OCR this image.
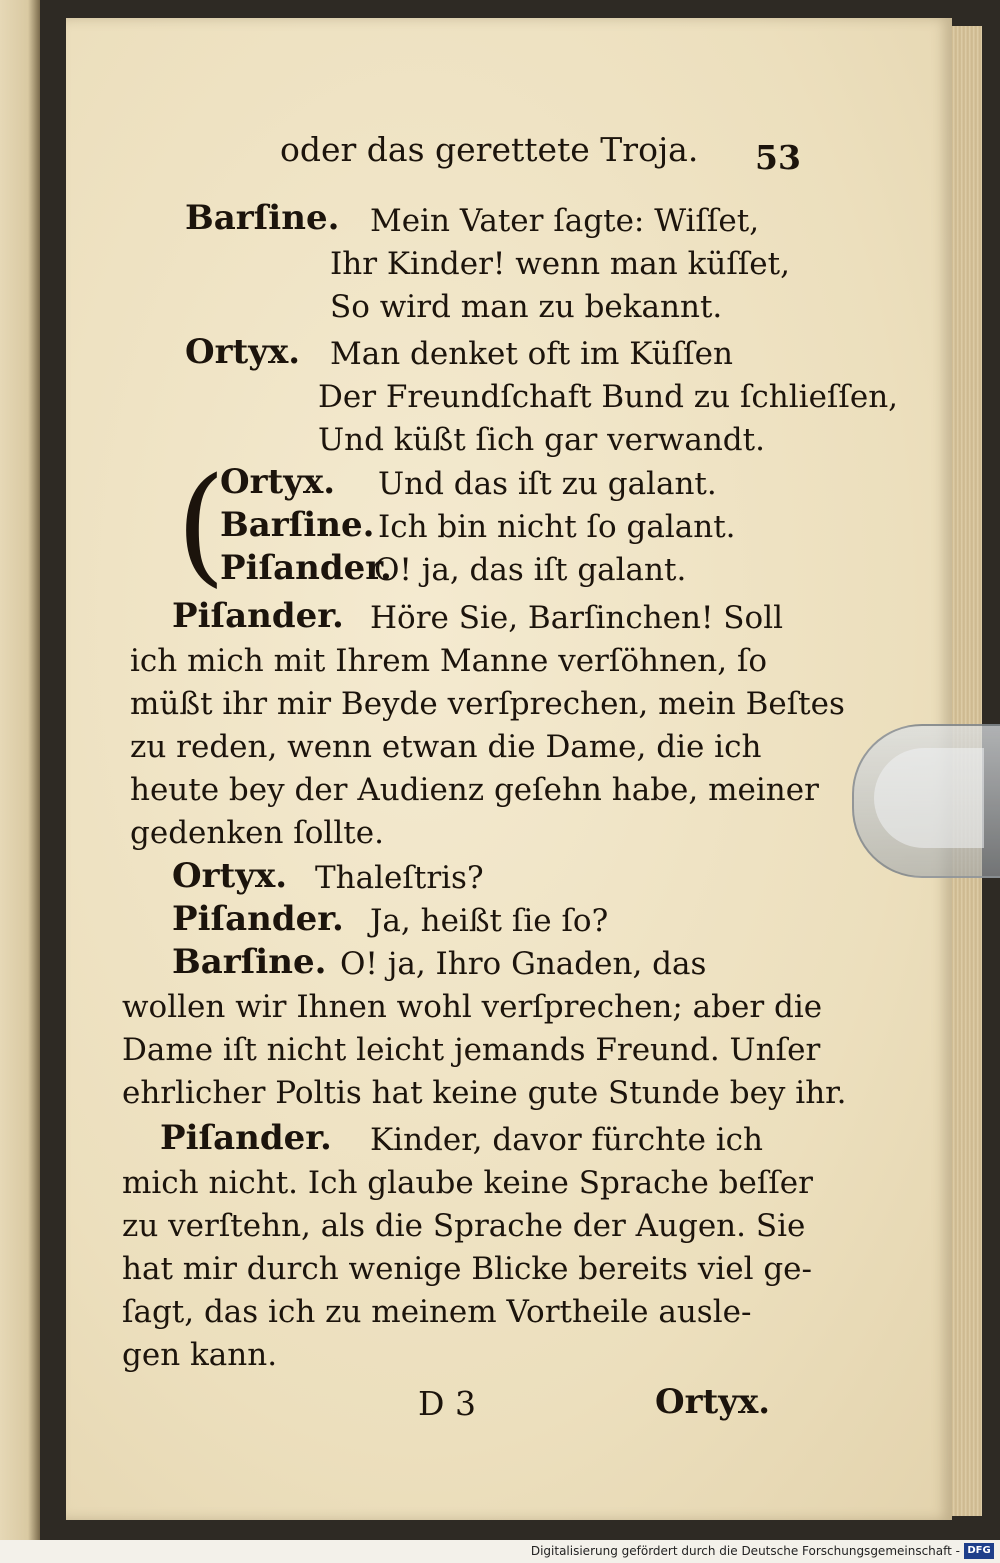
oder das gerettete Troja. 53
Barſine. Mein Vater ſagte: Wiſſet,
Ihr Kinder! wenn man küſſet,
So wird man zu bekannt.
Ortyx. Man denket oft im Küſſen
Der Freundſchaft Bund zu ſchlieſſen,
Und küßt ſich gar verwandt.
(
Ortyx. Und das iſt zu galant.
Barſine. Ich bin nicht ſo galant.
Piſander.
O! ja, das iſt galant.
Piſander. Höre Sie, Barſinchen! Soll
ich mich mit Ihrem Manne verſöhnen, ſo
müßt ihr mir Beyde verſprechen, mein Beſtes
zu reden, wenn etwan die Dame, die ich
heute bey der Audienz geſehn habe, meiner
gedenken ſollte.
Ortyx. Thaleſtris?
Piſander. Ja, heißt ſie ſo?
Barſine. O! ja, Ihro Gnaden, das
wollen wir Ihnen wohl verſprechen; aber die
Dame iſt nicht leicht jemands Freund. Unſer
ehrlicher Poltis hat keine gute Stunde bey ihr.
Piſander. Kinder, davor fürchte ich
mich nicht. Ich glaube keine Sprache beſſer
zu verſtehn, als die Sprache der Augen. Sie
hat mir durch wenige Blicke bereits viel ge-
ſagt, das ich zu meinem Vortheile ausle-
gen kann.
D 3	Ortyx.
Digitalisierung gefördert durch die Deutsche Forschungsgemeinschaft - DFG
